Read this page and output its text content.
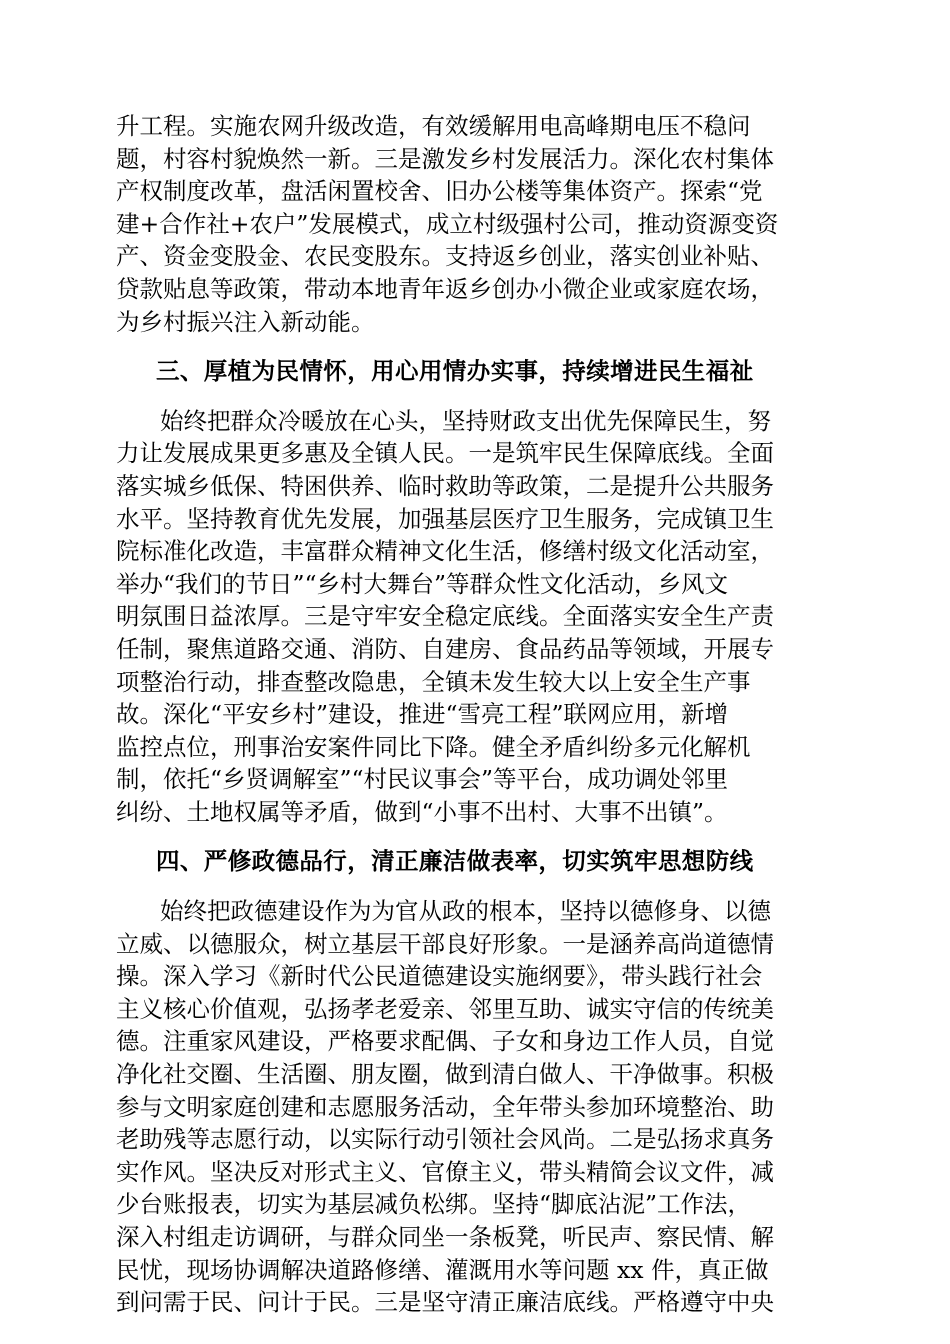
升工程。实施农网升级改造，有效缓解用电高峰期电压不稳问
题，村容村貌焕然一新。三是激发乡村发展活力。深化农村集体
产权制度改革，盘活闲置校舍、旧办公楼等集体资产。探索“党
建+合作社+农户”发展模式，成立村级强村公司，推动资源变资
产、资金变股金、农民变股东。支持返乡创业，落实创业补贴、
贷款贴息等政策，带动本地青年返乡创办小微企业或家庭农场，
为乡村振兴注入新动能。
三、厚植为民情怀，用心用情办实事，持续增进民生福祉
始终把群众冷暖放在心头，坚持财政支出优先保障民生，努
力让发展成果更多惠及全镇人民。一是筑牢民生保障底线。全面
落实城乡低保、特困供养、临时救助等政策，二是提升公共服务
水平。坚持教育优先发展，加强基层医疗卫生服务，完成镇卫生
院标准化改造，丰富群众精神文化生活，修缮村级文化活动室，
举办“我们的节日”“乡村大舞台”等群众性文化活动，乡风文
明氛围日益浓厚。三是守牢安全稳定底线。全面落实安全生产责
任制，聚焦道路交通、消防、自建房、食品药品等领域，开展专
项整治行动，排查整改隐患，全镇未发生较大以上安全生产事
故。深化“平安乡村”建设，推进“雪亮工程”联网应用，新增
监控点位，刑事治安案件同比下降。健全矛盾纠纷多元化解机
制，依托“乡贤调解室”“村民议事会”等平台，成功调处邻里
纠纷、土地权属等矛盾，做到“小事不出村、大事不出镇”。
四、严修政德品行，清正廉洁做表率，切实筑牢思想防线
始终把政德建设作为为官从政的根本，坚持以德修身、以德
立威、以德服众，树立基层干部良好形象。一是涵养高尚道德情
操。深入学习《新时代公民道德建设实施纲要》，带头践行社会
主义核心价值观，弘扬孝老爱亲、邻里互助、诚实守信的传统美
德。注重家风建设，严格要求配偶、子女和身边工作人员，自觉
净化社交圈、生活圈、朋友圈，做到清白做人、干净做事。积极
参与文明家庭创建和志愿服务活动，全年带头参加环境整治、助
老助残等志愿行动，以实际行动引领社会风尚。二是弘扬求真务
实作风。坚决反对形式主义、官僚主义，带头精简会议文件，减
少台账报表，切实为基层减负松绑。坚持“脚底沾泥”工作法，
深入村组走访调研，与群众同坐一条板凳，听民声、察民情、解
民忧，现场协调解决道路修缮、灌溉用水等问题 xx 件，真正做
到问需于民、问计于民。三是坚守清正廉洁底线。严格遵守中央
